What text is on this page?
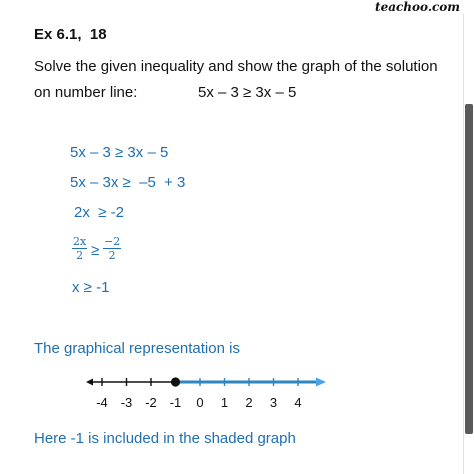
teachoo.com
Ex 6.1,  18
Solve the given inequality and show the graph of the solution
on number line:	5x – 3 ≥ 3x – 5
5x – 3 ≥ 3x – 5
5x – 3x ≥  –5  + 3
2x  ≥ -2
$\frac{2x}{2} \ge \frac{-2}{2}$
x ≥ -1
The graphical representation is
-4 -3 -2 -1 0 1 2 3 4
Here -1 is included in the shaded graph
